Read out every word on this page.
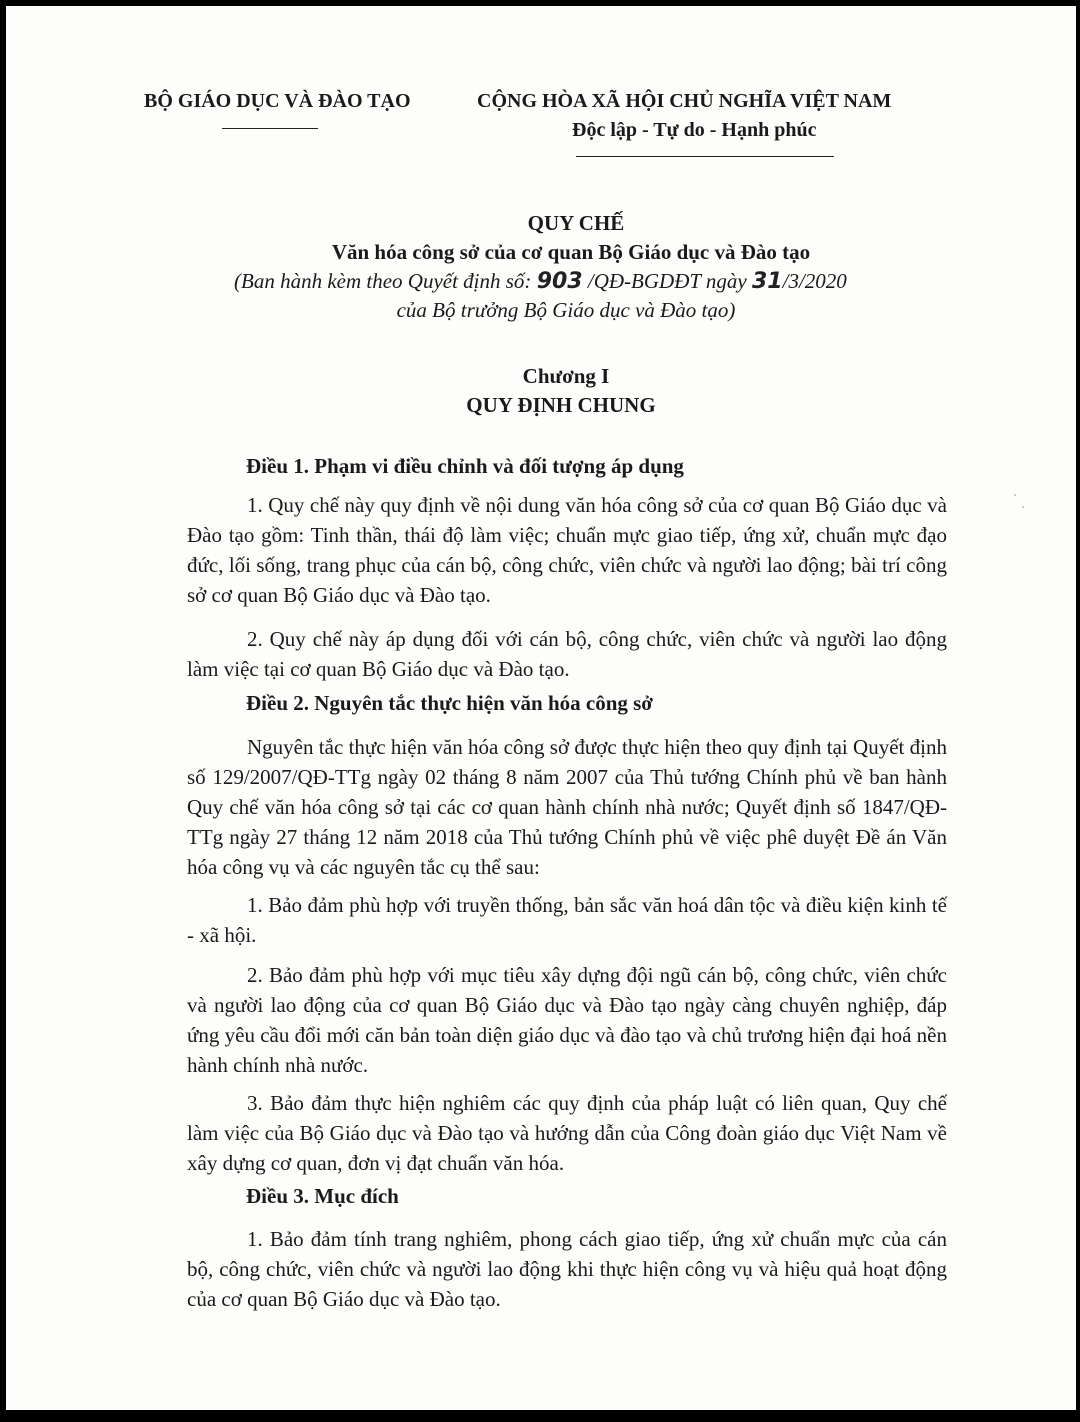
BỘ GIÁO DỤC VÀ ĐÀO TẠO	CỘNG HÒA XÃ HỘI CHỦ NGHĨA VIỆT NAM
Độc lập - Tự do - Hạnh phúc
QUY CHẾ
Văn hóa công sở của cơ quan Bộ Giáo dục và Đào tạo
(Ban hành kèm theo Quyết định số: 903 /QĐ-BGDĐT ngày 31/3/2020
của Bộ trưởng Bộ Giáo dục và Đào tạo)
Chương I
QUY ĐỊNH CHUNG
Điều 1. Phạm vi điều chỉnh và đối tượng áp dụng
1. Quy chế này quy định về nội dung văn hóa công sở của cơ quan Bộ Giáo dục và Đào tạo gồm: Tinh thần, thái độ làm việc; chuẩn mực giao tiếp, ứng xử, chuẩn mực đạo đức, lối sống, trang phục của cán bộ, công chức, viên chức và người lao động; bài trí công sở cơ quan Bộ Giáo dục và Đào tạo.
2. Quy chế này áp dụng đối với cán bộ, công chức, viên chức và người lao động làm việc tại cơ quan Bộ Giáo dục và Đào tạo.
Điều 2. Nguyên tắc thực hiện văn hóa công sở
Nguyên tắc thực hiện văn hóa công sở được thực hiện theo quy định tại Quyết định số 129/2007/QĐ-TTg ngày 02 tháng 8 năm 2007 của Thủ tướng Chính phủ về ban hành Quy chế văn hóa công sở tại các cơ quan hành chính nhà nước; Quyết định số 1847/QĐ-TTg ngày 27 tháng 12 năm 2018 của Thủ tướng Chính phủ về việc phê duyệt Đề án Văn hóa công vụ và các nguyên tắc cụ thể sau:
1. Bảo đảm phù hợp với truyền thống, bản sắc văn hoá dân tộc và điều kiện kinh tế - xã hội.
2. Bảo đảm phù hợp với mục tiêu xây dựng đội ngũ cán bộ, công chức, viên chức và người lao động của cơ quan Bộ Giáo dục và Đào tạo ngày càng chuyên nghiệp, đáp ứng yêu cầu đổi mới căn bản toàn diện giáo dục và đào tạo và chủ trương hiện đại hoá nền hành chính nhà nước.
3. Bảo đảm thực hiện nghiêm các quy định của pháp luật có liên quan, Quy chế làm việc của Bộ Giáo dục và Đào tạo và hướng dẫn của Công đoàn giáo dục Việt Nam về xây dựng cơ quan, đơn vị đạt chuẩn văn hóa.
Điều 3. Mục đích
1. Bảo đảm tính trang nghiêm, phong cách giao tiếp, ứng xử chuẩn mực của cán bộ, công chức, viên chức và người lao động khi thực hiện công vụ và hiệu quả hoạt động của cơ quan Bộ Giáo dục và Đào tạo.
